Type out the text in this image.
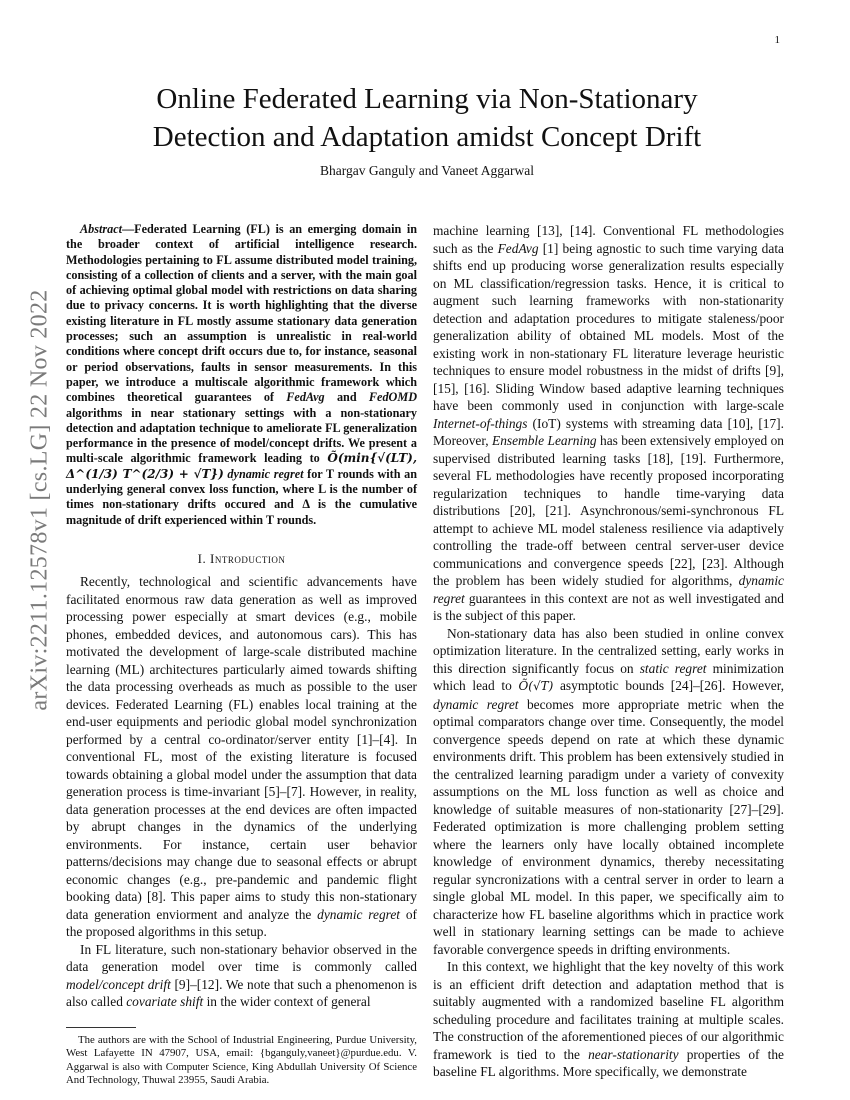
1
arXiv:2211.12578v1 [cs.LG] 22 Nov 2022
Online Federated Learning via Non-Stationary
Detection and Adaptation amidst Concept Drift
Bhargav Ganguly and Vaneet Aggarwal

Abstract—Federated Learning (FL) is an emerging domain in the broader context of artificial intelligence research. Methodologies pertaining to FL assume distributed model training, consisting of a collection of clients and a server, with the main goal of achieving optimal global model with restrictions on data sharing due to privacy concerns. It is worth highlighting that the diverse existing literature in FL mostly assume stationary data generation processes; such an assumption is unrealistic in real-world conditions where concept drift occurs due to, for instance, seasonal or period observations, faults in sensor measurements. In this paper, we introduce a multiscale algorithmic framework which combines theoretical guarantees of FedAvg and FedOMD algorithms in near stationary settings with a non-stationary detection and adaptation technique to ameliorate FL generalization performance in the presence of model/concept drifts. We present a multi-scale algorithmic framework leading to Õ(min{√(LT), Δ^(1/3) T^(2/3) + √T}) dynamic regret for T rounds with an underlying general convex loss function, where L is the number of times non-stationary drifts occured and Δ is the cumulative magnitude of drift experienced within T rounds.

I. Introduction

Recently, technological and scientific advancements have facilitated enormous raw data generation as well as improved processing power especially at smart devices (e.g., mobile phones, embedded devices, and autonomous cars). This has motivated the development of large-scale distributed machine learning (ML) architectures particularly aimed towards shifting the data processing overheads as much as possible to the user devices. Federated Learning (FL) enables local training at the end-user equipments and periodic global model synchronization performed by a central co-ordinator/server entity [1]–[4]. In conventional FL, most of the existing literature is focused towards obtaining a global model under the assumption that data generation process is time-invariant [5]–[7]. However, in reality, data generation processes at the end devices are often impacted by abrupt changes in the dynamics of the underlying environments. For instance, certain user behavior patterns/decisions may change due to seasonal effects or abrupt economic changes (e.g., pre-pandemic and pandemic flight booking data) [8]. This paper aims to study this non-stationary data generation enviorment and analyze the dynamic regret of the proposed algorithms in this setup.

In FL literature, such non-stationary behavior observed in the data generation model over time is commonly called model/concept drift [9]–[12]. We note that such a phenomenon is also called covariate shift in the wider context of general

The authors are with the School of Industrial Engineering, Purdue University, West Lafayette IN 47907, USA, email: {bganguly,vaneet}@purdue.edu. V. Aggarwal is also with Computer Science, King Abdullah University Of Science And Technology, Thuwal 23955, Saudi Arabia.

machine learning [13], [14]. Conventional FL methodologies such as the FedAvg [1] being agnostic to such time varying data shifts end up producing worse generalization results especially on ML classification/regression tasks. Hence, it is critical to augment such learning frameworks with non-stationarity detection and adaptation procedures to mitigate staleness/poor generalization ability of obtained ML models. Most of the existing work in non-stationary FL literature leverage heuristic techniques to ensure model robustness in the midst of drifts [9], [15], [16]. Sliding Window based adaptive learning techniques have been commonly used in conjunction with large-scale Internet-of-things (IoT) systems with streaming data [10], [17]. Moreover, Ensemble Learning has been extensively employed on supervised distributed learning tasks [18], [19]. Furthermore, several FL methodologies have recently proposed incorporating regularization techniques to handle time-varying data distributions [20], [21]. Asynchronous/semi-synchronous FL attempt to achieve ML model staleness resilience via adaptively controlling the trade-off between central server-user device communications and convergence speeds [22], [23]. Although the problem has been widely studied for algorithms, dynamic regret guarantees in this context are not as well investigated and is the subject of this paper.

Non-stationary data has also been studied in online convex optimization literature. In the centralized setting, early works in this direction significantly focus on static regret minimization which lead to Õ(√T) asymptotic bounds [24]–[26]. However, dynamic regret becomes more appropriate metric when the optimal comparators change over time. Consequently, the model convergence speeds depend on rate at which these dynamic environments drift. This problem has been extensively studied in the centralized learning paradigm under a variety of convexity assumptions on the ML loss function as well as choice and knowledge of suitable measures of non-stationarity [27]–[29]. Federated optimization is more challenging problem setting where the learners only have locally obtained incomplete knowledge of environment dynamics, thereby necessitating regular syncronizations with a central server in order to learn a single global ML model. In this paper, we specifically aim to characterize how FL baseline algorithms which in practice work well in stationary learning settings can be made to achieve favorable convergence speeds in drifting environments.

In this context, we highlight that the key novelty of this work is an efficient drift detection and adaptation method that is suitably augmented with a randomized baseline FL algorithm scheduling procedure and facilitates training at multiple scales. The construction of the aforementioned pieces of our algorithmic framework is tied to the near-stationarity properties of the baseline FL algorithms. More specifically, we demonstrate
